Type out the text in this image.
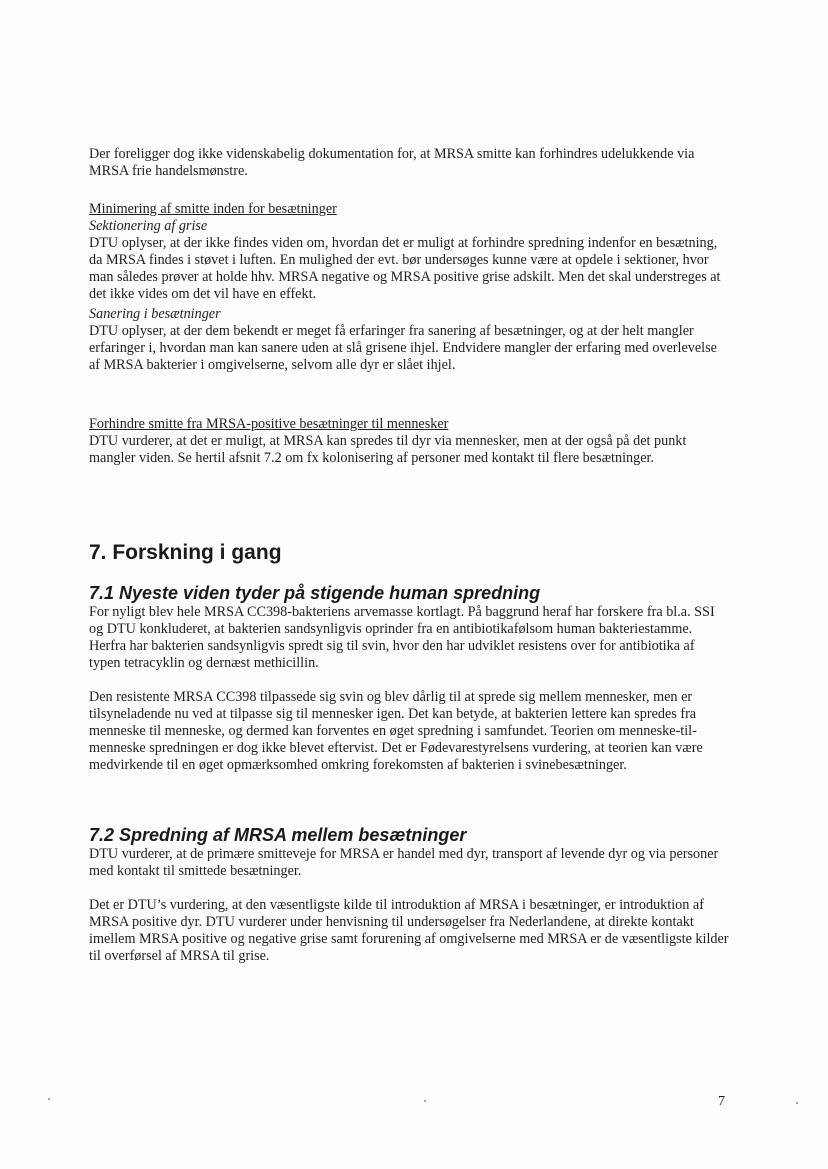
Der foreligger dog ikke videnskabelig dokumentation for, at MRSA smitte kan forhindres udelukkende via MRSA frie handelsmønstre.

Minimering af smitte inden for besætninger
Sektionering af grise

DTU oplyser, at der ikke findes viden om, hvordan det er muligt at forhindre spredning indenfor en besætning, da MRSA findes i støvet i luften. En mulighed der evt. bør undersøges kunne være at opdele i sektioner, hvor man således prøver at holde hhv. MRSA negative og MRSA positive grise adskilt. Men det skal understreges at det ikke vides om det vil have en effekt.

Sanering i besætninger

DTU oplyser, at der dem bekendt er meget få erfaringer fra sanering af besætninger, og at der helt mangler erfaringer i, hvordan man kan sanere uden at slå grisene ihjel. Endvidere mangler der erfaring med overlevelse af MRSA bakterier i omgivelserne, selvom alle dyr er slået ihjel.

Forhindre smitte fra MRSA-positive besætninger til mennesker

DTU vurderer, at det er muligt, at MRSA kan spredes til dyr via mennesker, men at der også på det punkt mangler viden. Se hertil afsnit 7.2 om fx kolonisering af personer med kontakt til flere besætninger.

7. Forskning i gang
7.1 Nyeste viden tyder på stigende human spredning

For nyligt blev hele MRSA CC398-bakteriens arvemasse kortlagt. På baggrund heraf har forskere fra bl.a. SSI og DTU konkluderet, at bakterien sandsynligvis oprinder fra en antibiotikafølsom human bakteriestamme. Herfra har bakterien sandsynligvis spredt sig til svin, hvor den har udviklet resistens over for antibiotika af typen tetracyklin og dernæst methicillin.

Den resistente MRSA CC398 tilpassede sig svin og blev dårlig til at sprede sig mellem mennesker, men er tilsyneladende nu ved at tilpasse sig til mennesker igen. Det kan betyde, at bakterien lettere kan spredes fra menneske til menneske, og dermed kan forventes en øget spredning i samfundet. Teorien om menneske-til-menneske spredningen er dog ikke blevet eftervist. Det er Fødevarestyrelsens vurdering, at teorien kan være medvirkende til en øget opmærksomhed omkring forekomsten af bakterien i svinebesætninger.

7.2 Spredning af MRSA mellem besætninger

DTU vurderer, at de primære smitteveje for MRSA er handel med dyr, transport af levende dyr og via personer med kontakt til smittede besætninger.

Det er DTU’s vurdering, at den væsentligste kilde til introduktion af MRSA i besætninger, er introduktion af MRSA positive dyr. DTU vurderer under henvisning til undersøgelser fra Nederlandene, at direkte kontakt imellem MRSA positive og negative grise samt forurening af omgivelserne med MRSA er de væsentligste kilder til overførsel af MRSA til grise.

7
